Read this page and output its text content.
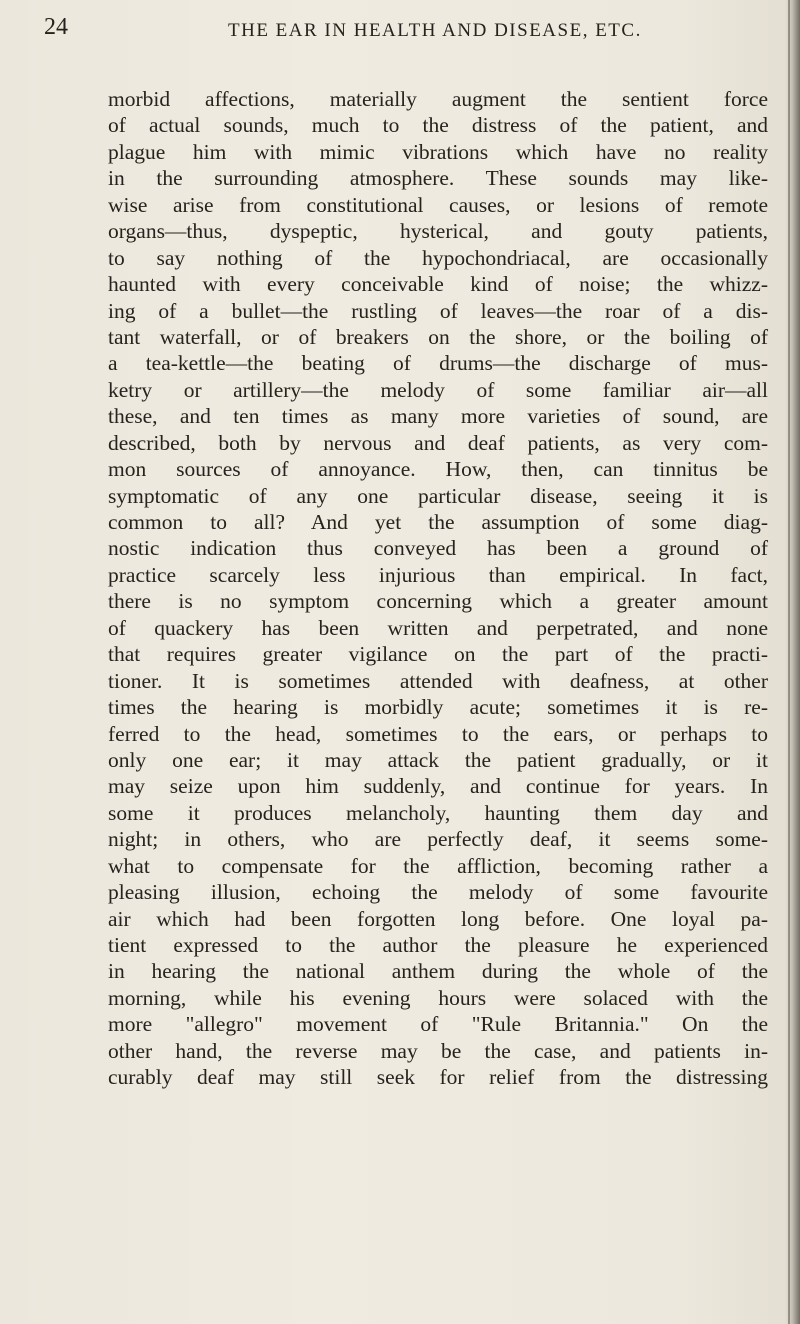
24	THE EAR IN HEALTH AND DISEASE, ETC.
morbid affections, materially augment the sentient force
of actual sounds, much to the distress of the patient, and
plague him with mimic vibrations which have no reality
in the surrounding atmosphere. These sounds may like-
wise arise from constitutional causes, or lesions of remote
organs—thus, dyspeptic, hysterical, and gouty patients,
to say nothing of the hypochondriacal, are occasionally
haunted with every conceivable kind of noise; the whizz-
ing of a bullet—the rustling of leaves—the roar of a dis-
tant waterfall, or of breakers on the shore, or the boiling of
a tea-kettle—the beating of drums—the discharge of mus-
ketry or artillery—the melody of some familiar air—all
these, and ten times as many more varieties of sound, are
described, both by nervous and deaf patients, as very com-
mon sources of annoyance. How, then, can tinnitus be
symptomatic of any one particular disease, seeing it is
common to all? And yet the assumption of some diag-
nostic indication thus conveyed has been a ground of
practice scarcely less injurious than empirical. In fact,
there is no symptom concerning which a greater amount
of quackery has been written and perpetrated, and none
that requires greater vigilance on the part of the practi-
tioner. It is sometimes attended with deafness, at other
times the hearing is morbidly acute; sometimes it is re-
ferred to the head, sometimes to the ears, or perhaps to
only one ear; it may attack the patient gradually, or it
may seize upon him suddenly, and continue for years. In
some it produces melancholy, haunting them day and
night; in others, who are perfectly deaf, it seems some-
what to compensate for the affliction, becoming rather a
pleasing illusion, echoing the melody of some favourite
air which had been forgotten long before. One loyal pa-
tient expressed to the author the pleasure he experienced
in hearing the national anthem during the whole of the
morning, while his evening hours were solaced with the
more "allegro" movement of "Rule Britannia." On the
other hand, the reverse may be the case, and patients in-
curably deaf may still seek for relief from the distressing
